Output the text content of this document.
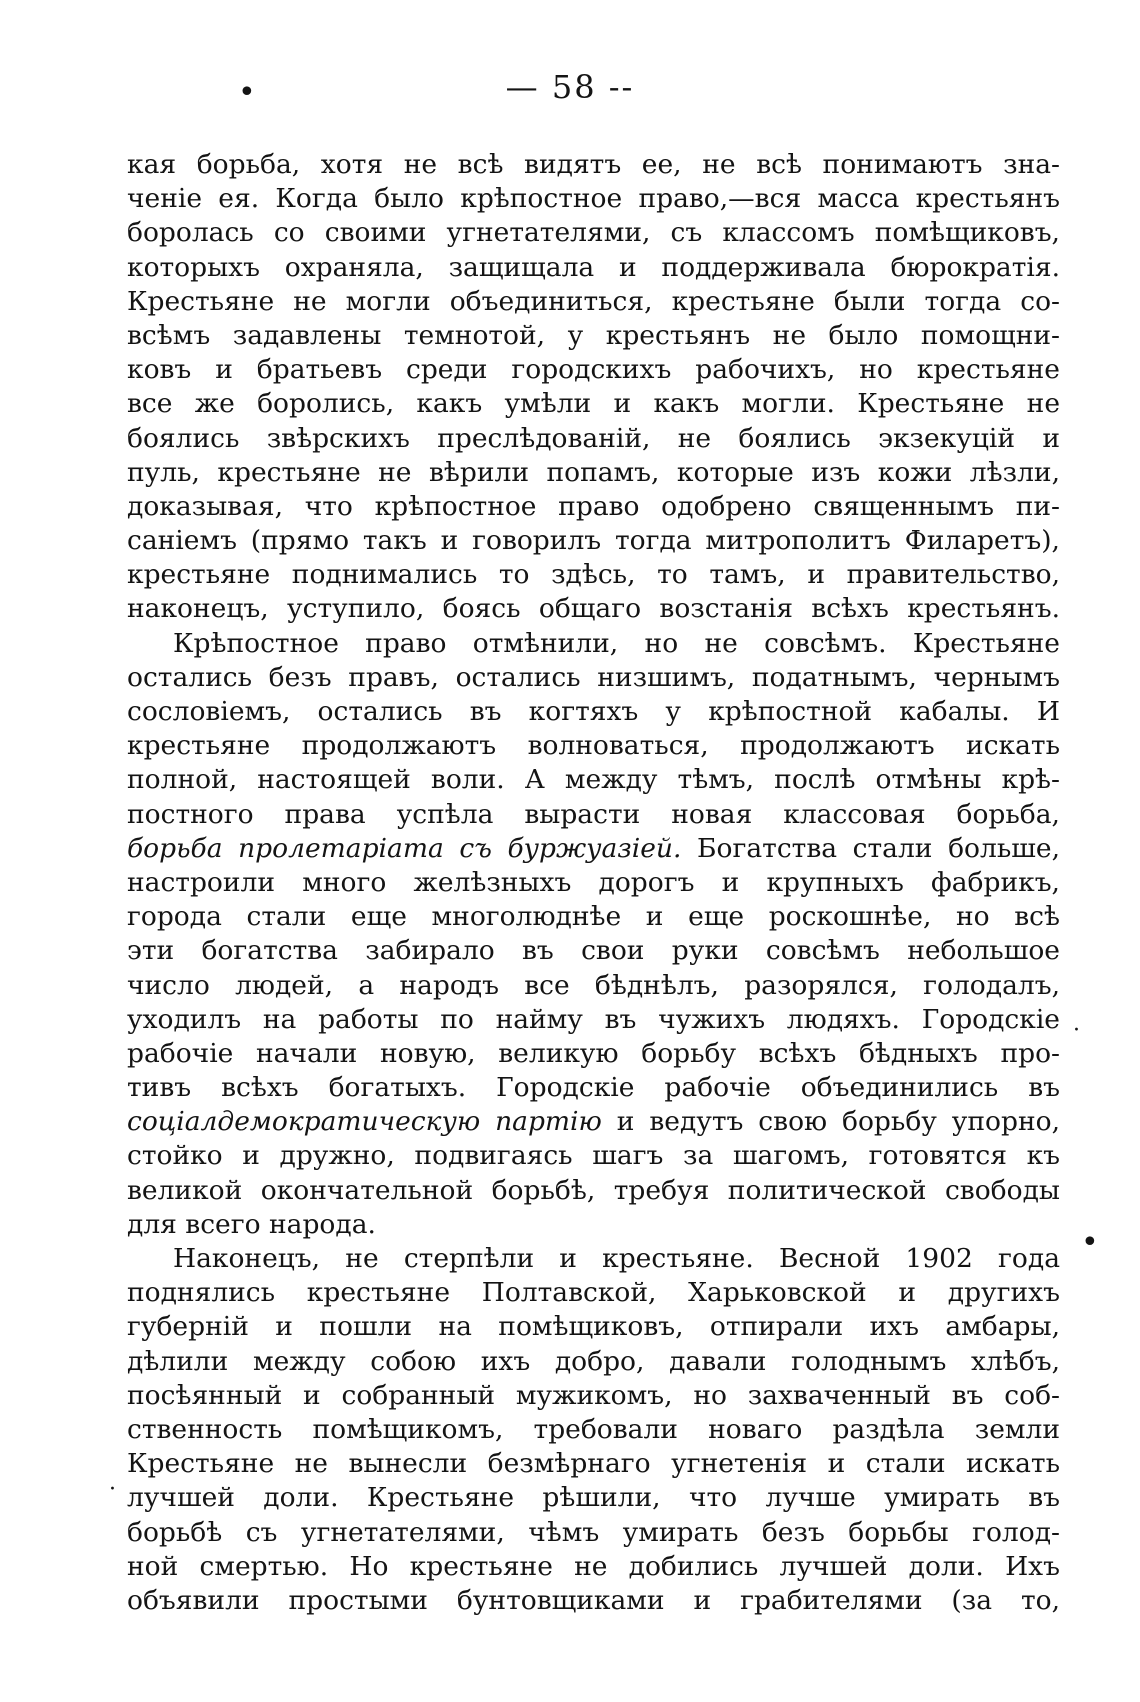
— 58 --
•
•
·
·
кая борьба, хотя не всѣ видятъ ее, не всѣ понимаютъ зна-
ченіе ея. Когда было крѣпостное право,—вся масса крестьянъ
боролась со своими угнетателями, съ классомъ помѣщиковъ,
которыхъ охраняла, защищала и поддерживала бюрократія.
Крестьяне не могли объединиться, крестьяне были тогда со-
всѣмъ задавлены темнотой, у крестьянъ не было помощни-
ковъ и братьевъ среди городскихъ рабочихъ, но крестьяне
все же боролись, какъ умѣли и какъ могли. Крестьяне не
боялись звѣрскихъ преслѣдованій, не боялись экзекуцій и
пуль, крестьяне не вѣрили попамъ, которые изъ кожи лѣзли,
доказывая, что крѣпостное право одобрено священнымъ пи-
саніемъ (прямо такъ и говорилъ тогда митрополитъ Филаретъ),
крестьяне поднимались то здѣсь, то тамъ, и правительство,
наконецъ, уступило, боясь общаго возстанія всѣхъ крестьянъ.
Крѣпостное право отмѣнили, но не совсѣмъ. Крестьяне
остались безъ правъ, остались низшимъ, податнымъ, чернымъ
сословіемъ, остались въ когтяхъ у крѣпостной кабалы. И
крестьяне продолжаютъ волноваться, продолжаютъ искать
полной, настоящей воли. А между тѣмъ, послѣ отмѣны крѣ-
постного права успѣла вырасти новая классовая борьба,
борьба пролетаріата съ буржуазіей. Богатства стали больше,
настроили много желѣзныхъ дорогъ и крупныхъ фабрикъ,
города стали еще многолюднѣе и еще роскошнѣе, но всѣ
эти богатства забирало въ свои руки совсѣмъ небольшое
число людей, а народъ все бѣднѣлъ, разорялся, голодалъ,
уходилъ на работы по найму въ чужихъ людяхъ. Городскіе
рабочіе начали новую, великую борьбу всѣхъ бѣдныхъ про-
тивъ всѣхъ богатыхъ. Городскіе рабочіе объединились въ
соціалдемократическую партію и ведутъ свою борьбу упорно,
стойко и дружно, подвигаясь шагъ за шагомъ, готовятся къ
великой окончательной борьбѣ, требуя политической свободы
для всего народа.
Наконецъ, не стерпѣли и крестьяне. Весной 1902 года
поднялись крестьяне Полтавской, Харьковской и другихъ
губерній и пошли на помѣщиковъ, отпирали ихъ амбары,
дѣлили между собою ихъ добро, давали голоднымъ хлѣбъ,
посѣянный и собранный мужикомъ, но захваченный въ соб-
ственность помѣщикомъ, требовали новаго раздѣла земли
Крестьяне не вынесли безмѣрнаго угнетенія и стали искать
лучшей доли. Крестьяне рѣшили, что лучше умирать въ
борьбѣ съ угнетателями, чѣмъ умирать безъ борьбы голод-
ной смертью. Но крестьяне не добились лучшей доли. Ихъ
объявили простыми бунтовщиками и грабителями (за то,
